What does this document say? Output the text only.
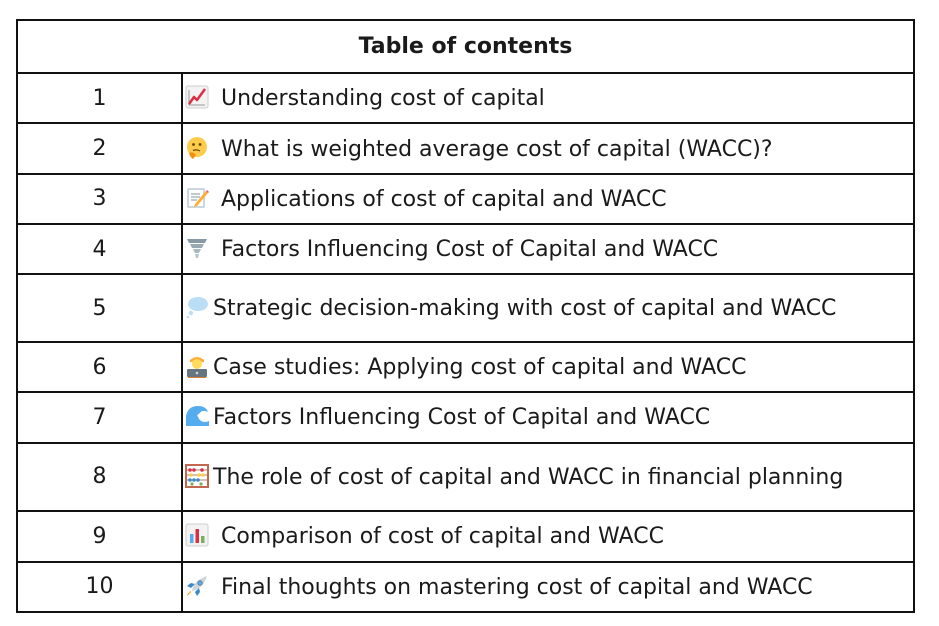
Table of contents	
1	Understanding cost of capital
2	What is weighted average cost of capital (WACC)?
3	Applications of cost of capital and WACC
4	Factors Influencing Cost of Capital and WACC
5	Strategic decision-making with cost of capital and WACC
6	Case studies: Applying cost of capital and WACC
7	Factors Influencing Cost of Capital and WACC
8	The role of cost of capital and WACC in financial planning
9	Comparison of cost of capital and WACC
10	Final thoughts on mastering cost of capital and WACC
